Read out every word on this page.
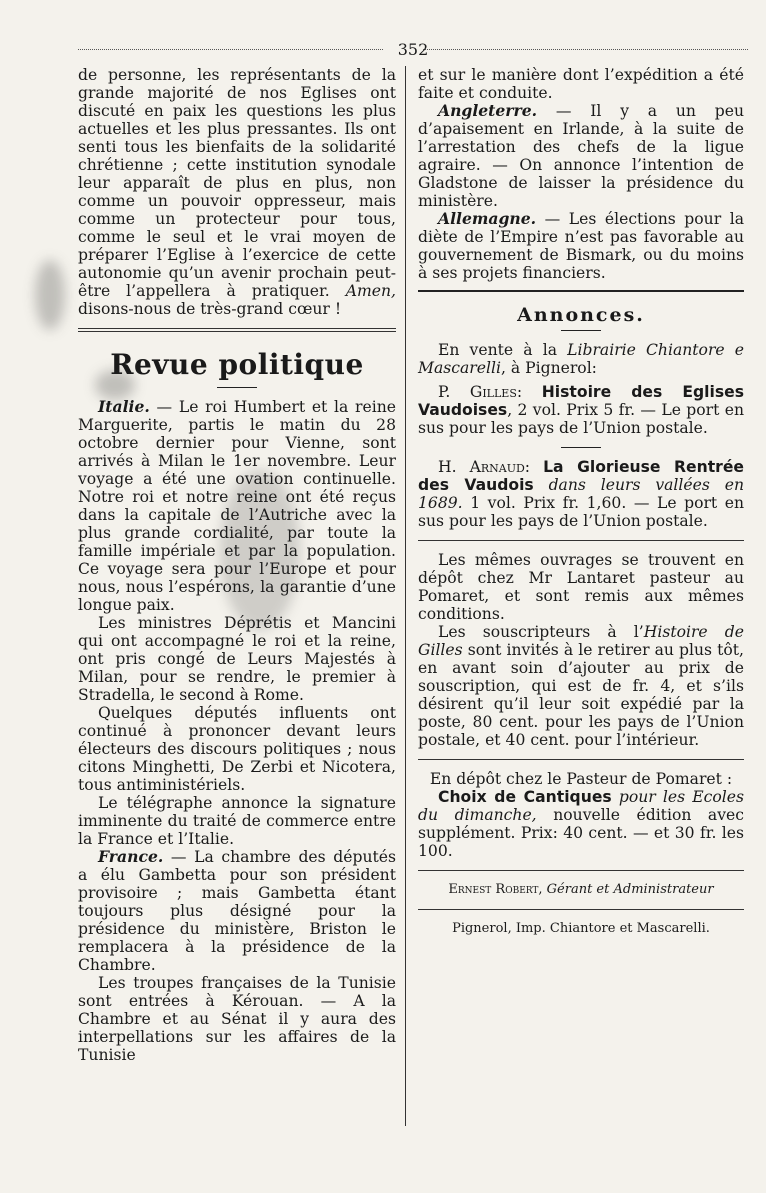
352

de personne, les représentants de la grande majorité de nos Eglises ont discuté en paix les questions les plus actuelles et les plus pressantes. Ils ont senti tous les bienfaits de la solidarité chrétienne ; cette institution synodale leur apparaît de plus en plus, non comme un pouvoir oppresseur, mais comme un protecteur pour tous, comme le seul et le vrai moyen de préparer l’Eglise à l’exercice de cette autonomie qu’un avenir prochain peut-être l’appellera à pratiquer. Amen, disons-nous de très-grand cœur !

Revue politique

Italie. — Le roi Humbert et la reine Marguerite, partis le matin du 28 octobre dernier pour Vienne, sont arrivés à Milan le 1er novembre. Leur voyage a été une ovation continuelle. Notre roi et notre reine ont été reçus dans la capitale de l’Autriche avec la plus grande cordialité, par toute la famille impériale et par la population. Ce voyage sera pour l’Europe et pour nous, nous l’espérons, la garantie d’une longue paix.

Les ministres Déprétis et Mancini qui ont accompagné le roi et la reine, ont pris congé de Leurs Majestés à Milan, pour se rendre, le premier à Stradella, le second à Rome.

Quelques députés influents ont continué à prononcer devant leurs électeurs des discours politiques ; nous citons Minghetti, De Zerbi et Nicotera, tous antiministériels.

Le télégraphe annonce la signature imminente du traité de commerce entre la France et l’Italie.

France. — La chambre des députés a élu Gambetta pour son président provisoire ; mais Gambetta étant toujours plus désigné pour la présidence du ministère, Briston le remplacera à la présidence de la Chambre.

Les troupes françaises de la Tunisie sont entrées à Kérouan. — A la Chambre et au Sénat il y aura des interpellations sur les affaires de la Tunisie

et sur le manière dont l’expédition a été faite et conduite.

Angleterre. — Il y a un peu d’apaisement en Irlande, à la suite de l’arrestation des chefs de la ligue agraire. — On annonce l’intention de Gladstone de laisser la présidence du ministère.

Allemagne. — Les élections pour la diète de l’Empire n’est pas favorable au gouvernement de Bismark, ou du moins à ses projets financiers.

Annonces.

En vente à la Librairie Chiantore e Mascarelli, à Pignerol:

P. Gilles: Histoire des Eglises Vaudoises, 2 vol. Prix 5 fr. — Le port en sus pour les pays de l’Union postale.

H. Arnaud: La Glorieuse Rentrée des Vaudois dans leurs vallées en 1689. 1 vol. Prix fr. 1,60. — Le port en sus pour les pays de l’Union postale.

Les mêmes ouvrages se trouvent en dépôt chez Mr Lantaret pasteur au Pomaret, et sont remis aux mêmes conditions.

Les souscripteurs à l’Histoire de Gilles sont invités à le retirer au plus tôt, en avant soin d’ajouter au prix de souscription, qui est de fr. 4, et s’ils désirent qu’il leur soit expédié par la poste, 80 cent. pour les pays de l’Union postale, et 40 cent. pour l’intérieur.

En dépôt chez le Pasteur de Pomaret :

Choix de Cantiques pour les Ecoles du dimanche, nouvelle édition avec supplément. Prix: 40 cent. — et 30 fr. les 100.

Ernest Robert, Gérant et Administrateur

Pignerol, Imp. Chiantore et Mascarelli.
